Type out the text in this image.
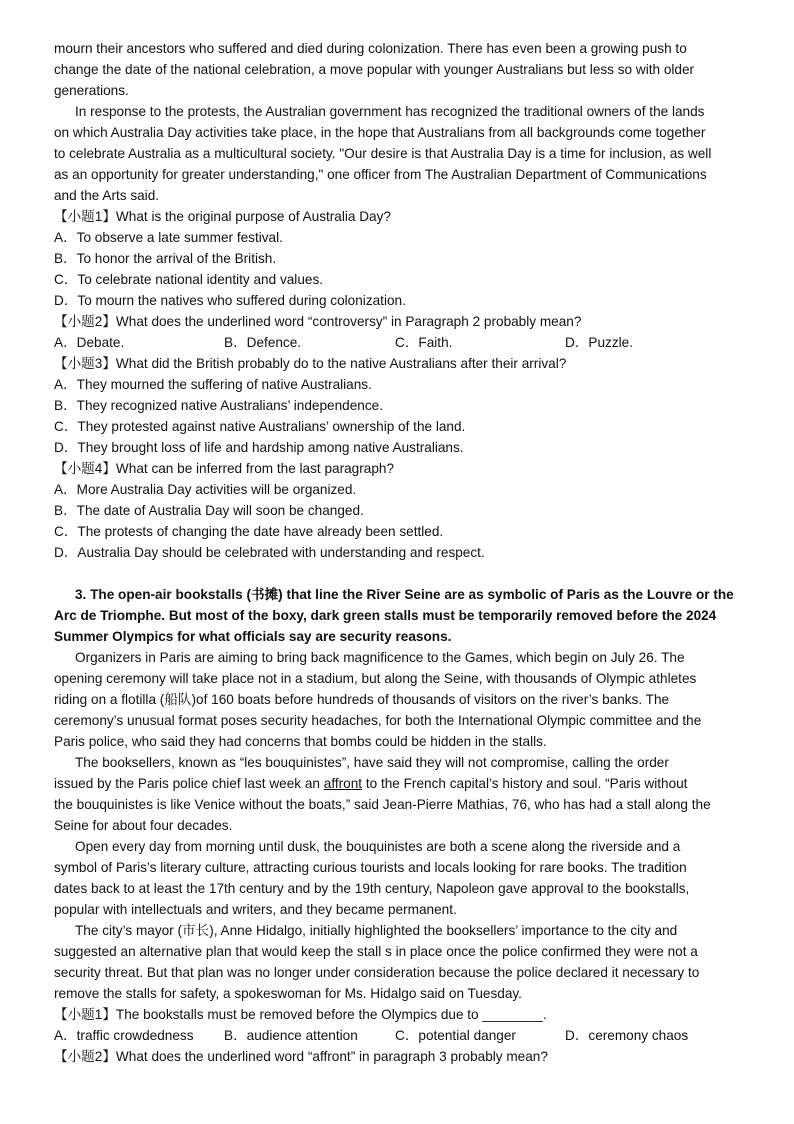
mourn their ancestors who suffered and died during colonization. There has even been a growing push to
change the date of the national celebration, a move popular with younger Australians but less so with older
generations.
In response to the protests, the Australian government has recognized the traditional owners of the lands
on which Australia Day activities take place, in the hope that Australians from all backgrounds come together
to celebrate Australia as a multicultural society. "Our desire is that Australia Day is a time for inclusion, as well
as an opportunity for greater understanding," one officer from The Australian Department of Communications
and the Arts said.
【小题1】What is the original purpose of Australia Day?
A．To observe a late summer festival.
B．To honor the arrival of the British.
C．To celebrate national identity and values.
D．To mourn the natives who suffered during colonization.
【小题2】What does the underlined word “controversy” in Paragraph 2 probably mean?
A．Debate.	B．Defence.	C．Faith.	D．Puzzle.
【小题3】What did the British probably do to the native Australians after their arrival?
A．They mourned the suffering of native Australians.
B．They recognized native Australians’ independence.
C．They protested against native Australians’ ownership of the land.
D．They brought loss of life and hardship among native Australians.
【小题4】What can be inferred from the last paragraph?
A．More Australia Day activities will be organized.
B．The date of Australia Day will soon be changed.
C．The protests of changing the date have already been settled.
D．Australia Day should be celebrated with understanding and respect.
3. The open-air bookstalls (书摊) that line the River Seine are as symbolic of Paris as the Louvre or the
Arc de Triomphe. But most of the boxy, dark green stalls must be temporarily removed before the 2024
Summer Olympics for what officials say are security reasons.
Organizers in Paris are aiming to bring back magnificence to the Games, which begin on July 26. The
opening ceremony will take place not in a stadium, but along the Seine, with thousands of Olympic athletes
riding on a flotilla (船队)of 160 boats before hundreds of thousands of visitors on the river’s banks. The
ceremony’s unusual format poses security headaches, for both the International Olympic committee and the
Paris police, who said they had concerns that bombs could be hidden in the stalls.
The booksellers, known as “les bouquinistes”, have said they will not compromise, calling the order
issued by the Paris police chief last week an affront to the French capital’s history and soul. “Paris without
the bouquinistes is like Venice without the boats,” said Jean-Pierre Mathias, 76, who has had a stall along the
Seine for about four decades.
Open every day from morning until dusk, the bouquinistes are both a scene along the riverside and a
symbol of Paris’s literary culture, attracting curious tourists and locals looking for rare books. The tradition
dates back to at least the 17th century and by the 19th century, Napoleon gave approval to the bookstalls,
popular with intellectuals and writers, and they became permanent.
The city’s mayor (市长), Anne Hidalgo, initially highlighted the booksellers’ importance to the city and
suggested an alternative plan that would keep the stall s in place once the police confirmed they were not a
security threat. But that plan was no longer under consideration because the police declared it necessary to
remove the stalls for safety, a spokeswoman for Ms. Hidalgo said on Tuesday.
【小题1】The bookstalls must be removed before the Olympics due to ________.
A．traffic crowdedness	B．audience attention	C．potential danger	D．ceremony chaos
【小题2】What does the underlined word “affront” in paragraph 3 probably mean?
